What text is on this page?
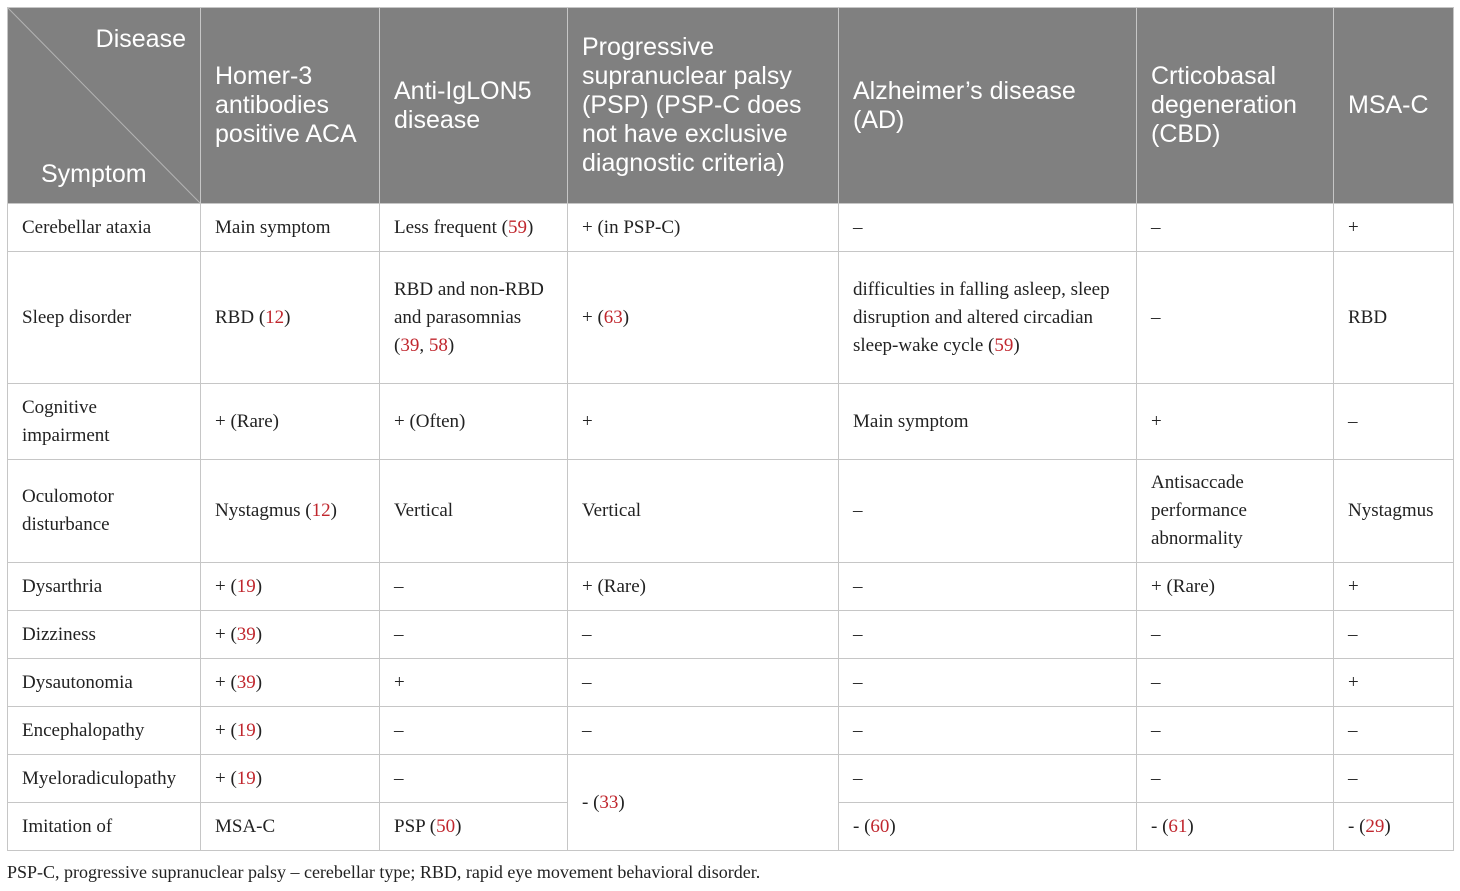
Disease
Symptom	Homer-3 antibodies positive ACA	Anti-IgLON5 disease	Progressive supranuclear palsy (PSP) (PSP-C does not have exclusive diagnostic criteria)	Alzheimer’s disease (AD)	Crticobasal degeneration (CBD)	MSA-C
Cerebellar ataxia	Main symptom	Less frequent (59)	+ (in PSP-C)	–	–	+
Sleep disorder	RBD (12)	RBD and non-RBD and parasomnias (39, 58)	+ (63)	difficulties in falling asleep, sleep disruption and altered circadian sleep-wake cycle (59)	–	RBD
Cognitive impairment	+ (Rare)	+ (Often)	+	Main symptom	+	–
Oculomotor disturbance	Nystagmus (12)	Vertical	Vertical	–	Antisaccade performance abnormality	Nystagmus
Dysarthria	+ (19)	–	+ (Rare)	–	+ (Rare)	+
Dizziness	+ (39)	–	–	–	–	–
Dysautonomia	+ (39)	+	–	–	–	+
Encephalopathy	+ (19)	–	–	–	–	–
Myeloradiculopathy	+ (19)	–	- (33)	–	–	–
Imitation of	MSA-C	PSP (50)		- (60)	- (61)	- (29)
PSP-C, progressive supranuclear palsy – cerebellar type; RBD, rapid eye movement behavioral disorder.
